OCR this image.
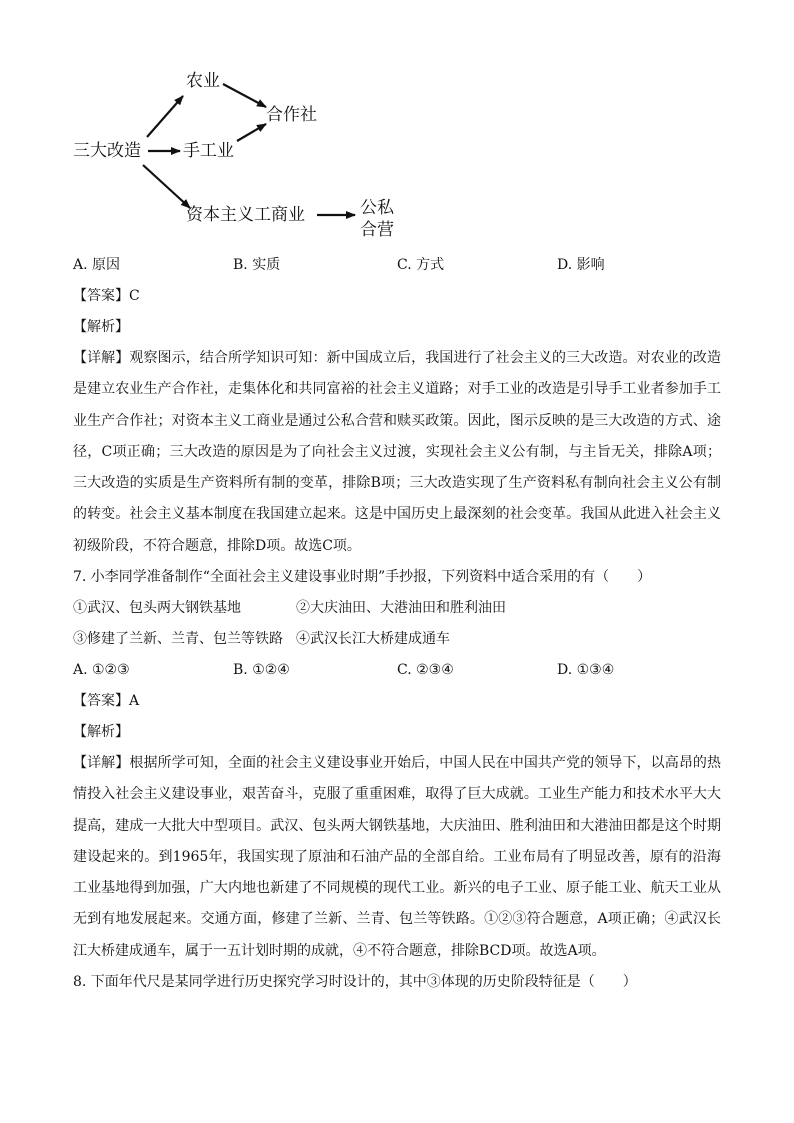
三大改造
农业
手工业
资本主义工商业
合作社
公私
合营
A. 原因	B. 实质	C. 方式	D. 影响
【答案】C
【解析】
【详解】观察图示，结合所学知识可知：新中国成立后，我国进行了社会主义的三大改造。对农业的改造是建立农业生产合作社，走集体化和共同富裕的社会主义道路；对手工业的改造是引导手工业者参加手工业生产合作社；对资本主义工商业是通过公私合营和赎买政策。因此，图示反映的是三大改造的方式、途径，C项正确；三大改造的原因是为了向社会主义过渡，实现社会主义公有制，与主旨无关，排除A项；三大改造的实质是生产资料所有制的变革，排除B项；三大改造实现了生产资料私有制向社会主义公有制的转变。社会主义基本制度在我国建立起来。这是中国历史上最深刻的社会变革。我国从此进入社会主义初级阶段，不符合题意，排除D项。故选C项。
7. 小李同学准备制作“全面社会主义建设事业时期”手抄报，下列资料中适合采用的有（　　）
①武汉、包头两大钢铁基地	②大庆油田、大港油田和胜利油田
③修建了兰新、兰青、包兰等铁路 ④武汉长江大桥建成通车
A. ①②③	B. ①②④	C. ②③④	D. ①③④
【答案】A
【解析】
【详解】根据所学可知，全面的社会主义建设事业开始后，中国人民在中国共产党的领导下，以高昂的热情投入社会主义建设事业，艰苦奋斗，克服了重重困难，取得了巨大成就。工业生产能力和技术水平大大提高，建成一大批大中型项目。武汉、包头两大钢铁基地，大庆油田、胜利油田和大港油田都是这个时期建设起来的。到1965年，我国实现了原油和石油产品的全部自给。工业布局有了明显改善，原有的沿海工业基地得到加强，广大内地也新建了不同规模的现代工业。新兴的电子工业、原子能工业、航天工业从无到有地发展起来。交通方面，修建了兰新、兰青、包兰等铁路。①②③符合题意，A项正确；④武汉长江大桥建成通车，属于一五计划时期的成就，④不符合题意，排除BCD项。故选A项。
8. 下面年代尺是某同学进行历史探究学习时设计的，其中③体现的历史阶段特征是（　　）
